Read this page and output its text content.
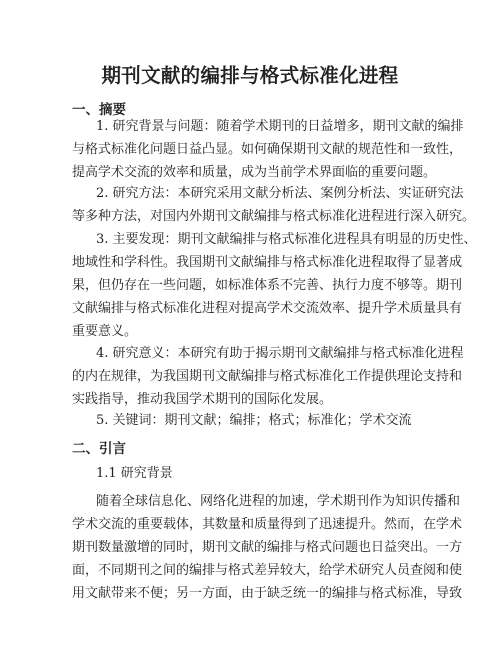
期刊文献的编排与格式标准化进程
一、摘要
1. 研究背景与问题：随着学术期刊的日益增多，期刊文献的编排
与格式标准化问题日益凸显。如何确保期刊文献的规范性和一致性，
提高学术交流的效率和质量，成为当前学术界面临的重要问题。
2. 研究方法：本研究采用文献分析法、案例分析法、实证研究法
等多种方法，对国内外期刊文献编排与格式标准化进程进行深入研究。
3. 主要发现：期刊文献编排与格式标准化进程具有明显的历史性、
地域性和学科性。我国期刊文献编排与格式标准化进程取得了显著成
果，但仍存在一些问题，如标准体系不完善、执行力度不够等。期刊
文献编排与格式标准化进程对提高学术交流效率、提升学术质量具有
重要意义。
4. 研究意义：本研究有助于揭示期刊文献编排与格式标准化进程
的内在规律，为我国期刊文献编排与格式标准化工作提供理论支持和
实践指导，推动我国学术期刊的国际化发展。
5. 关键词：期刊文献；编排；格式；标准化；学术交流
二、引言
1.1 研究背景
随着全球信息化、网络化进程的加速，学术期刊作为知识传播和
学术交流的重要载体，其数量和质量得到了迅速提升。然而，在学术
期刊数量激增的同时，期刊文献的编排与格式问题也日益突出。一方
面，不同期刊之间的编排与格式差异较大，给学术研究人员查阅和使
用文献带来不便；另一方面，由于缺乏统一的编排与格式标准，导致
